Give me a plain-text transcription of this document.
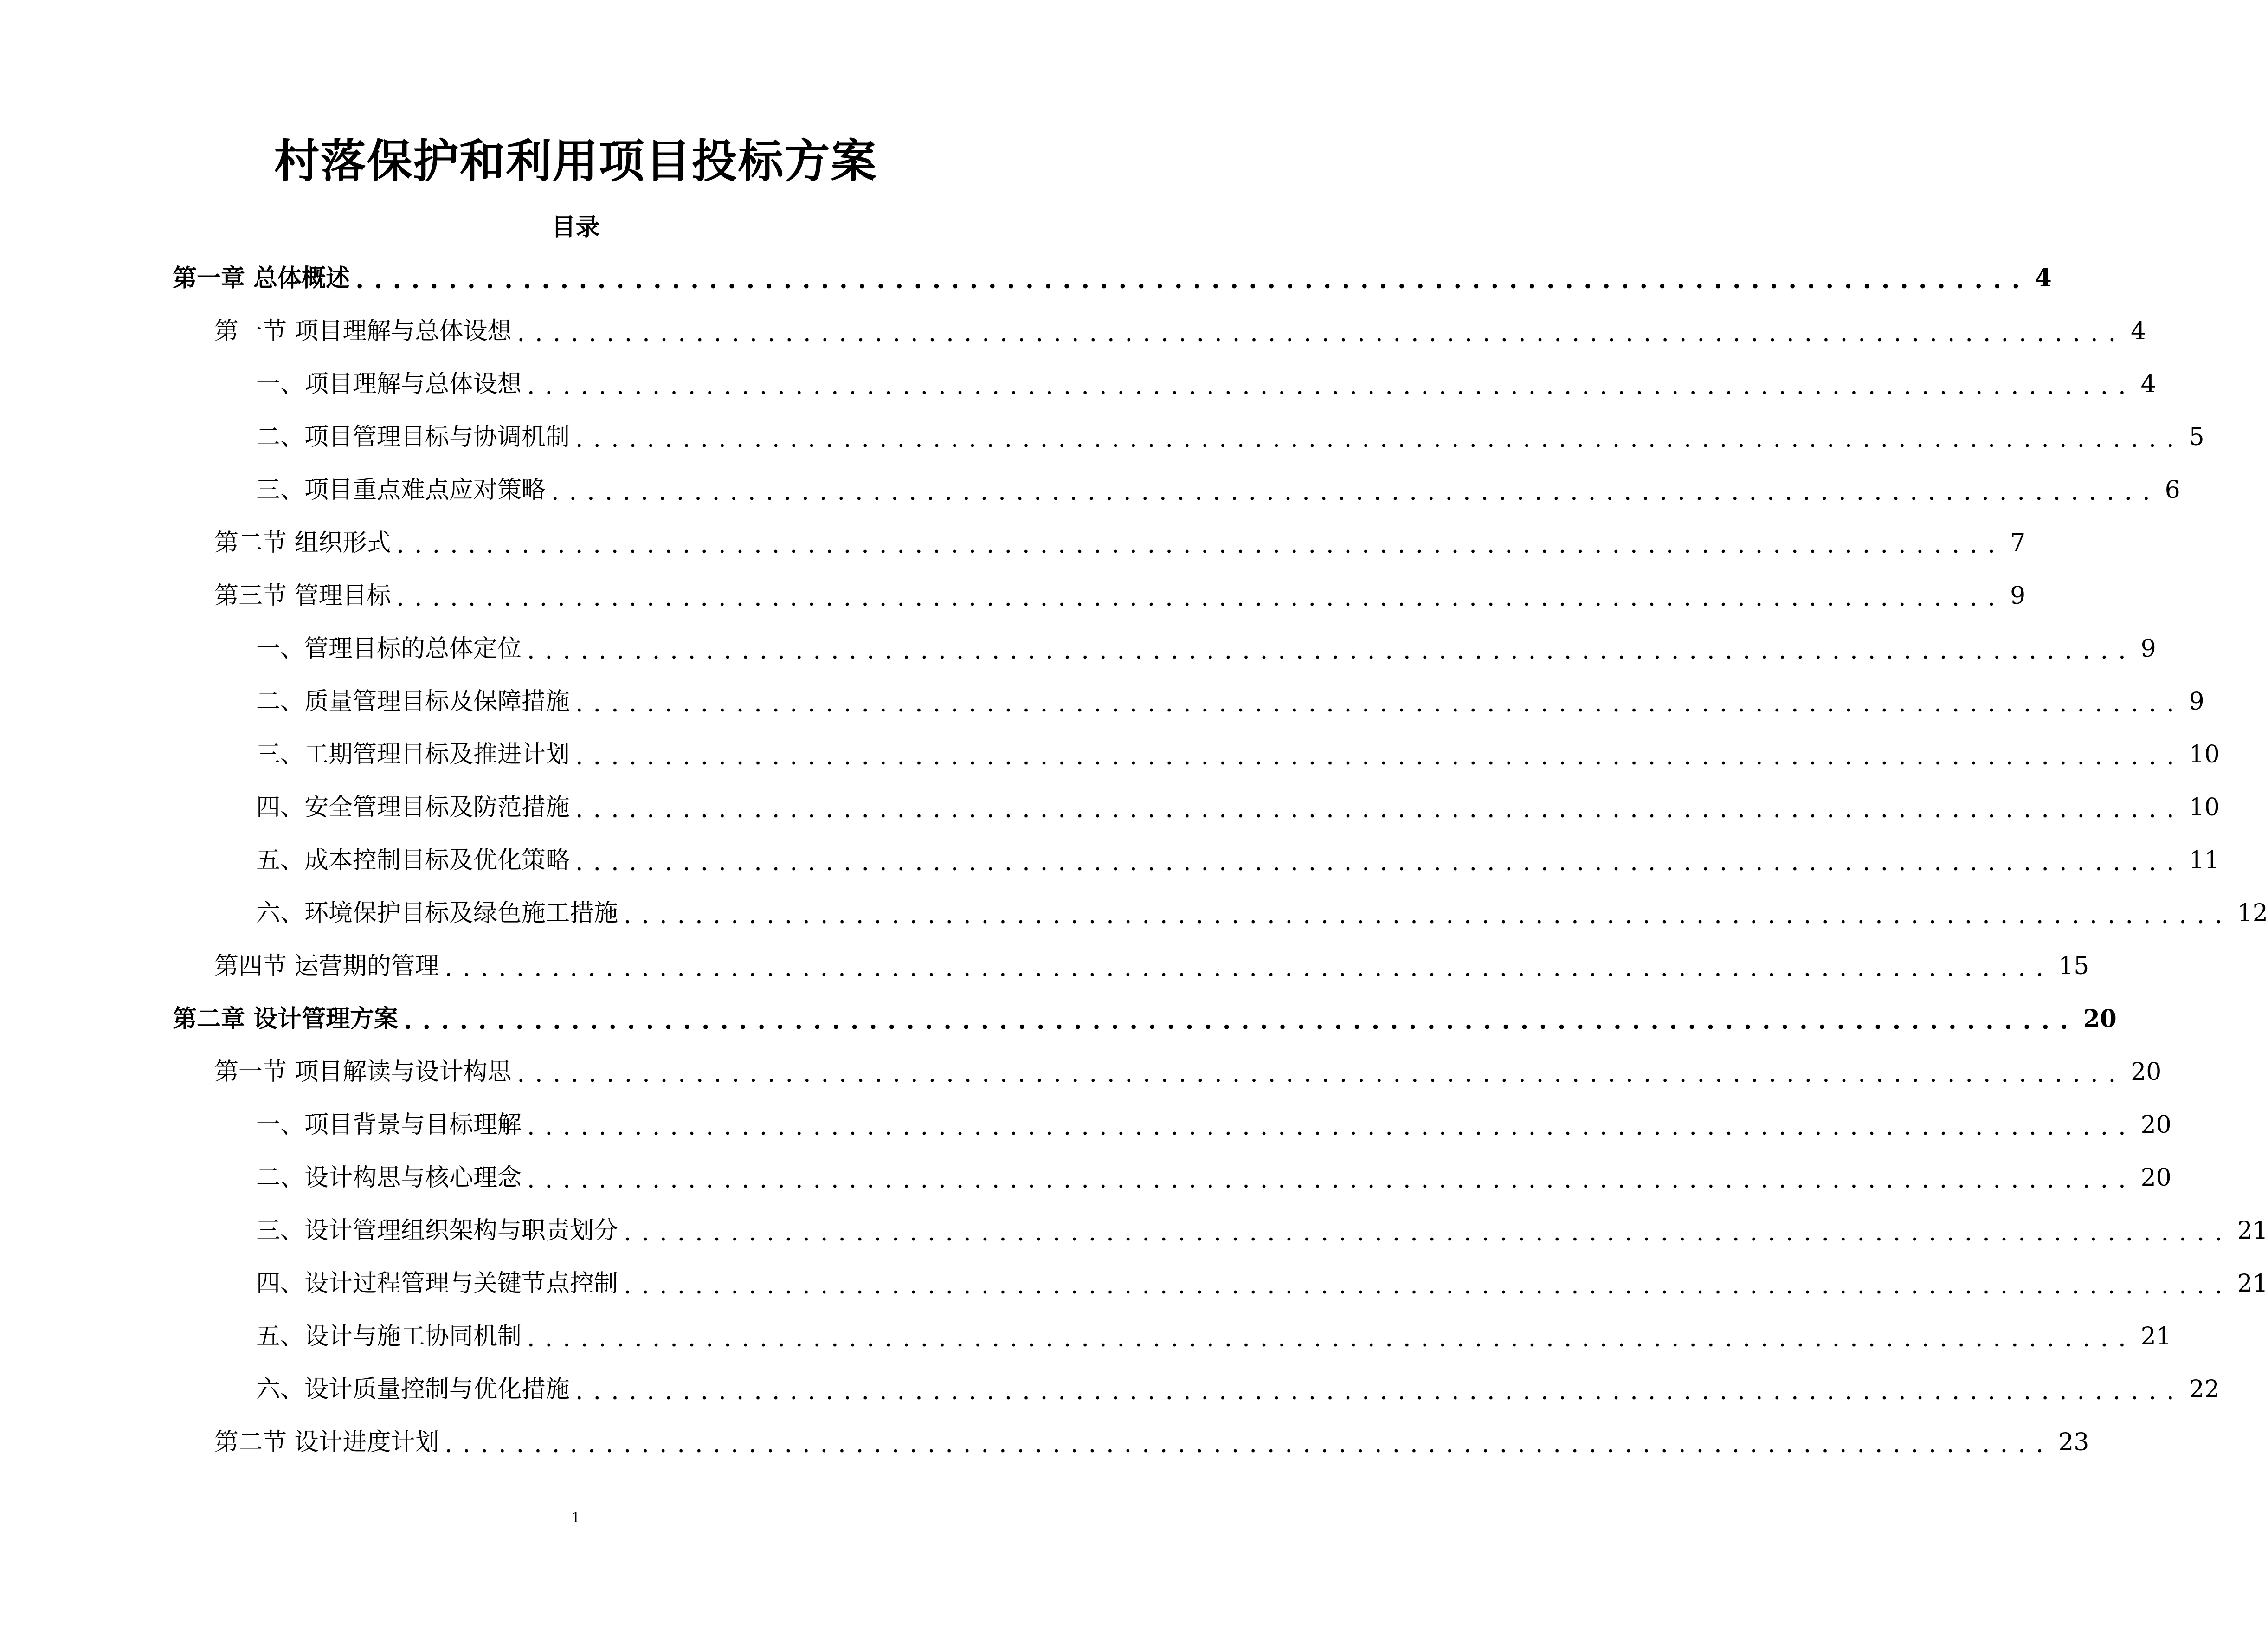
村落保护和利用项目投标方案
目录
第一章 总体概述 .......................................................................................... 4
第一节 项目理解与总体设想 .......................................................................................... 4
一、项目理解与总体设想 .......................................................................................... 4
二、项目管理目标与协调机制 .......................................................................................... 5
三、项目重点难点应对策略 .......................................................................................... 6
第二节 组织形式 .......................................................................................... 7
第三节 管理目标 .......................................................................................... 9
一、管理目标的总体定位 .......................................................................................... 9
二、质量管理目标及保障措施 .......................................................................................... 9
三、工期管理目标及推进计划 .......................................................................................... 10
四、安全管理目标及防范措施 .......................................................................................... 10
五、成本控制目标及优化策略 .......................................................................................... 11
六、环境保护目标及绿色施工措施 .......................................................................................... 12
第四节 运营期的管理 .......................................................................................... 15
第二章 设计管理方案 .......................................................................................... 20
第一节 项目解读与设计构思 .......................................................................................... 20
一、项目背景与目标理解 .......................................................................................... 20
二、设计构思与核心理念 .......................................................................................... 20
三、设计管理组织架构与职责划分 .......................................................................................... 21
四、设计过程管理与关键节点控制 .......................................................................................... 21
五、设计与施工协同机制 .......................................................................................... 21
六、设计质量控制与优化措施 .......................................................................................... 22
第二节 设计进度计划 .......................................................................................... 23
1
